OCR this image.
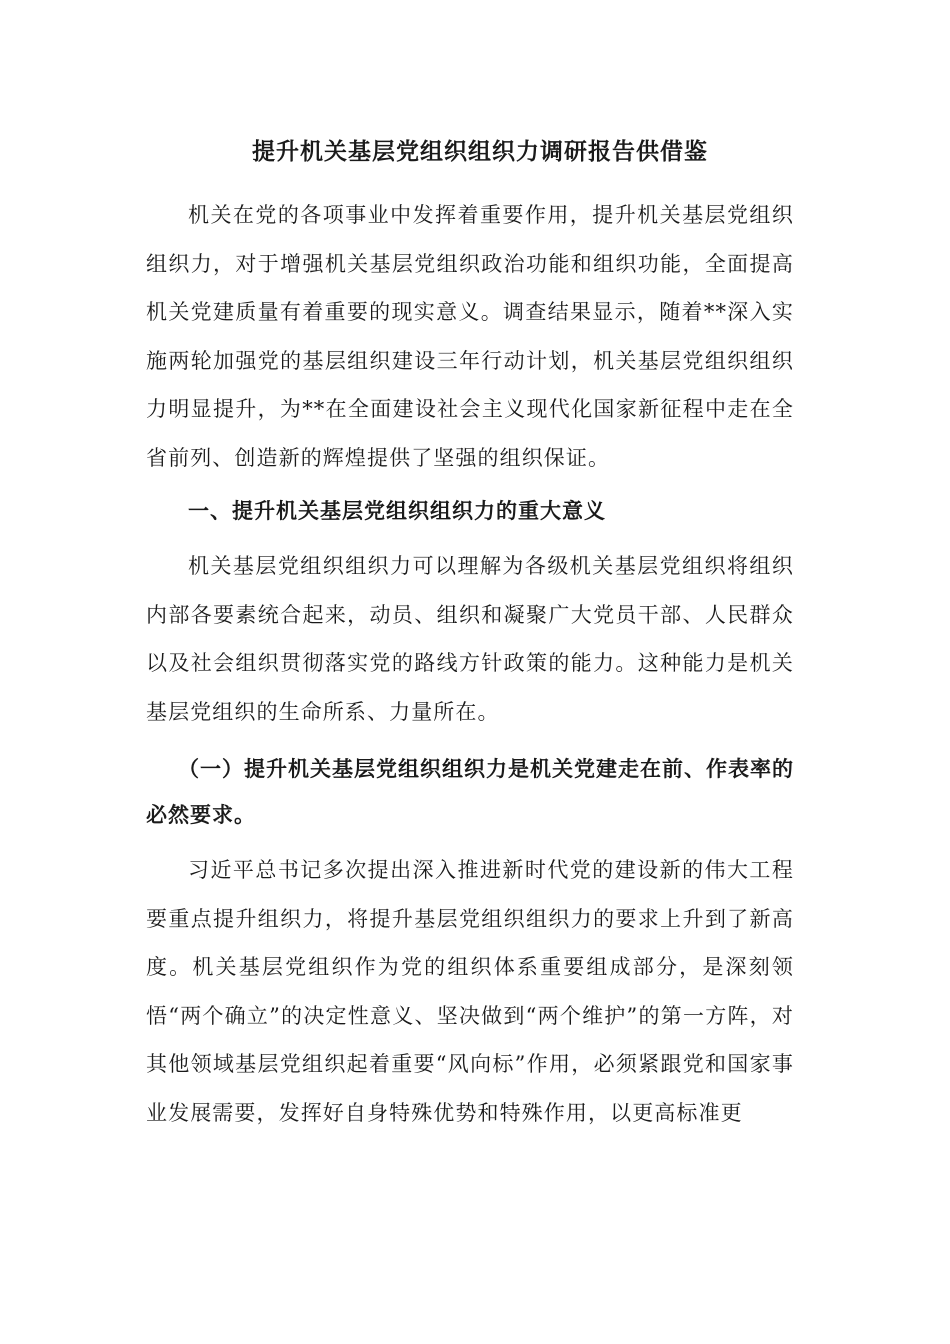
提升机关基层党组织组织力调研报告供借鉴

机关在党的各项事业中发挥着重要作用，提升机关基层党组织组织力，对于增强机关基层党组织政治功能和组织功能，全面提高机关党建质量有着重要的现实意义。调查结果显示，随着**深入实施两轮加强党的基层组织建设三年行动计划，机关基层党组织组织力明显提升，为**在全面建设社会主义现代化国家新征程中走在全省前列、创造新的辉煌提供了坚强的组织保证。

一、提升机关基层党组织组织力的重大意义

机关基层党组织组织力可以理解为各级机关基层党组织将组织内部各要素统合起来，动员、组织和凝聚广大党员干部、人民群众以及社会组织贯彻落实党的路线方针政策的能力。这种能力是机关基层党组织的生命所系、力量所在。

（一）提升机关基层党组织组织力是机关党建走在前、作表率的必然要求。

习近平总书记多次提出深入推进新时代党的建设新的伟大工程要重点提升组织力，将提升基层党组织组织力的要求上升到了新高度。机关基层党组织作为党的组织体系重要组成部分，是深刻领悟“两个确立”的决定性意义、坚决做到“两个维护”的第一方阵，对其他领域基层党组织起着重要“风向标”作用，必须紧跟党和国家事业发展需要，发挥好自身特殊优势和特殊作用，以更高标准更
